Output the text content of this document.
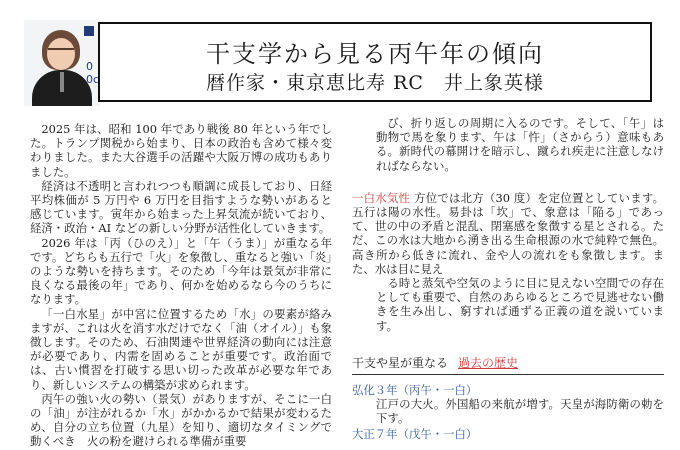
0 0c
干支学から見る丙午年の傾向
暦作家・東京恵比寿 RC　井上象英様

2025 年は、昭和 100 年であり戦後 80 年という年でした。トランプ関税から始まり、日本の政治も含めて様々変わりました。また大谷選手の活躍や大阪万博の成功もありました。

経済は不透明と言われつつも順調に成長しており、日経平均株価が 5 万円や 6 万円を目指すような勢いがあると感じています。寅年から始まった上昇気流が続いており、経済・政治・AI などの新しい分野が活性化していきます。

2026 年は「丙（ひのえ）」と「午（うま）」が重なる年です。どちらも五行で「火」を象徴し、重なると強い「炎」のような勢いを持ちます。そのため「今年は景気が非常に良くなる最後の年」であり、何かを始めるなら今のうちになります。

「一白水星」が中宮に位置するため「水」の要素が絡みますが、これは火を消す水だけでなく「油（オイル）」も象徴します。そのため、石油関連や世界経済の動向には注意が必要であり、内需を固めることが重要です。政治面では、古い慣習を打破する思い切った改革が必要な年であり、新しいシステムの構築が求められます。

丙午の強い火の勢い（景気）がありますが、そこに一白の「油」が注がれるか「水」がかかるかで結果が変わるため、自分の立ち位置（九星）を知り、適切なタイミングで動くべき　火の粉を避けられる準備が重要

び、折り返しの周期に入るのです。そして、「午」は動物で馬を象ります、午は「忤」（さからう）意味もある。新時代の幕開けを暗示し、蹴られ疾走に注意しなければならない。

一白水気性 方位では北方（30 度）を定位置としています。五行は陽の水性。易卦は「坎」で、象意は「陥る」であって、世の中の矛盾と混乱、閉塞感を象徴する星とされる。ただ、この水は大地から湧き出る生命根源の水で純粋で無色。高き所から低きに流れ、金や人の流れをも象徴します。また、水は目に見え

る時と蒸気や空気のように目に見えない空間での存在としても重要で、自然のあらゆるところで見逃せない働きを生み出し、窮すれば通ずる正義の道を説いています。

干支や星が重なる 過去の歴史
弘化３年（丙午・一白）
江戸の大火。外国船の来航が増す。天皇が海防衛の勅を下す。
大正７年（戊午・一白）
